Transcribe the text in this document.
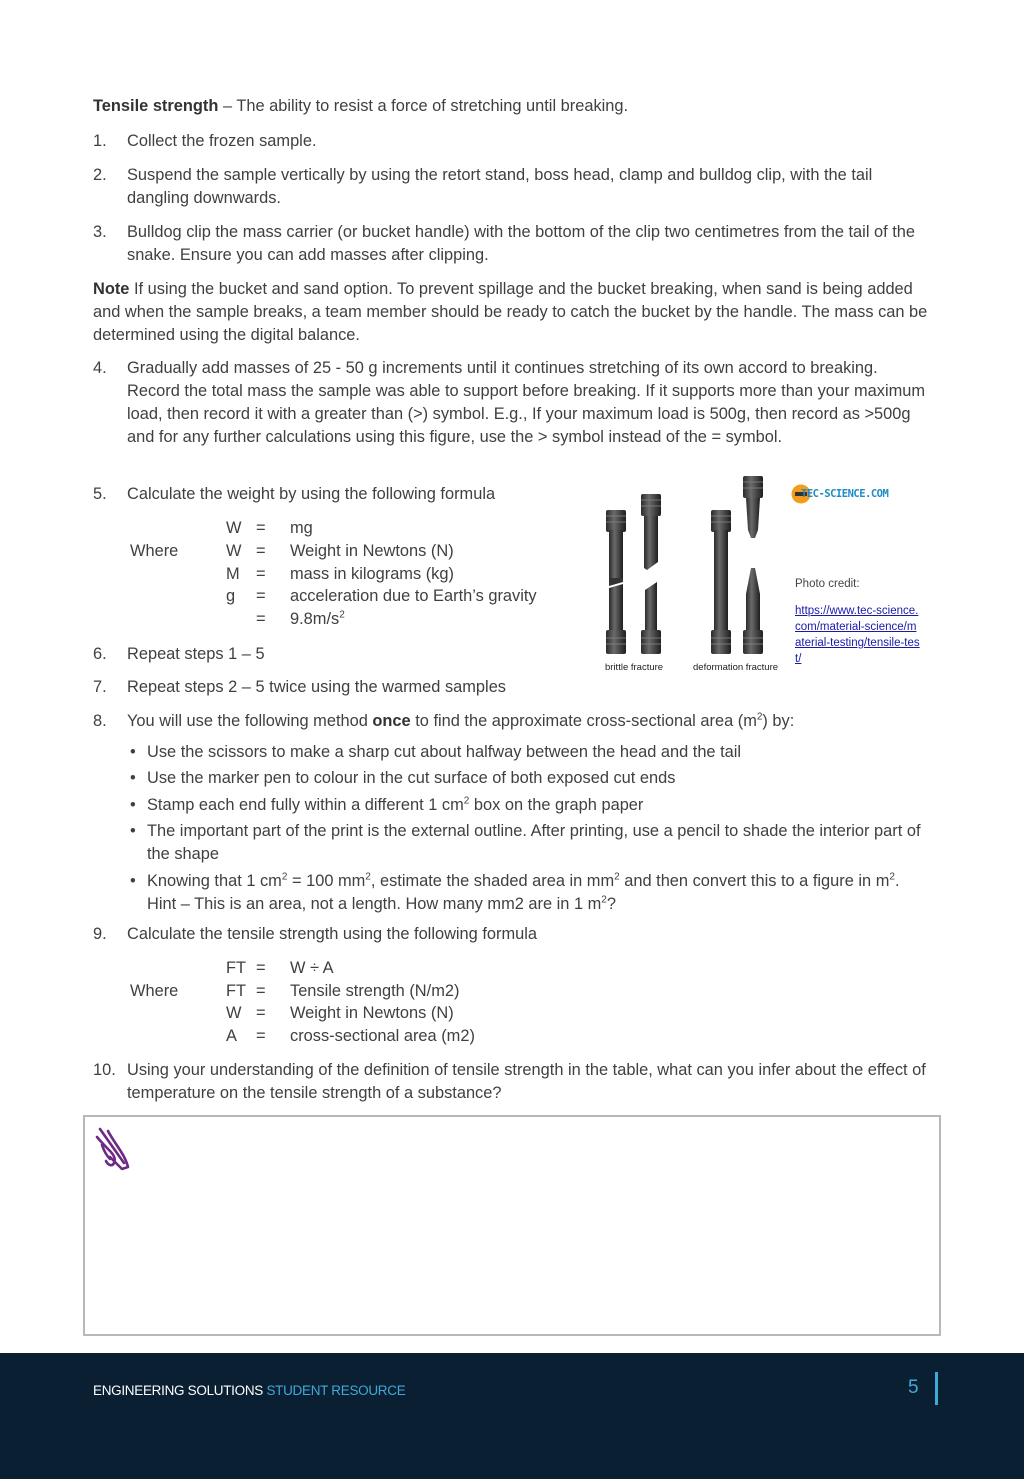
Tensile strength – The ability to resist a force of stretching until breaking.

1.	Collect the frozen sample.
2.	Suspend the sample vertically by using the retort stand, boss head, clamp and bulldog clip, with the tail dangling downwards.
3.	Bulldog clip the mass carrier (or bucket handle) with the bottom of the clip two centimetres from the tail of the snake. Ensure you can add masses after clipping.

Note If using the bucket and sand option. To prevent spillage and the bucket breaking, when sand is being added and when the sample breaks, a team member should be ready to catch the bucket by the handle. The mass can be determined using the digital balance.

4.	Gradually add masses of 25 - 50 g increments until it continues stretching of its own accord to breaking. Record the total mass the sample was able to support before breaking. If it supports more than your maximum load, then record it with a greater than (>) symbol. E.g., If your maximum load is 500g, then record as >500g and for any further calculations using this figure, use the > symbol instead of the = symbol.
5.	Calculate the weight by using the following formula
Where
W = mg
W = Weight in Newtons (N)
M = mass in kilograms (kg)
g = acceleration due to Earth’s gravity
= $9.8m/s^2$
brittle fracture	deformation fracture
TEC-SCIENCE.COM
Photo credit:
https://www.tec-science.com/material-science/material-testing/tensile-test/
6.	Repeat steps 1 – 5
7.	Repeat steps 2 – 5 twice using the warmed samples
8.	You will use the following method once to find the approximate cross-sectional area $(m^2)$ by:
• Use the scissors to make a sharp cut about halfway between the head and the tail
• Use the marker pen to colour in the cut surface of both exposed cut ends
• Stamp each end fully within a different 1 $cm^2$ box on the graph paper
• The important part of the print is the external outline. After printing, use a pencil to shade the interior part of the shape
• Knowing that 1 $cm^2 = 100$ $mm^2$, estimate the shaded area in $mm^2$ and then convert this to a figure in $m^2$. Hint – This is an area, not a length. How many mm2 are in 1 $m^2$?
9.	Calculate the tensile strength using the following formula
Where
FT = W ÷ A
FT = Tensile strength (N/m2)
W = Weight in Newtons (N)
A = cross-sectional area (m2)
10. Using your understanding of the definition of tensile strength in the table, what can you infer about the effect of temperature on the tensile strength of a substance?
ENGINEERING SOLUTIONS STUDENT RESOURCE	5
